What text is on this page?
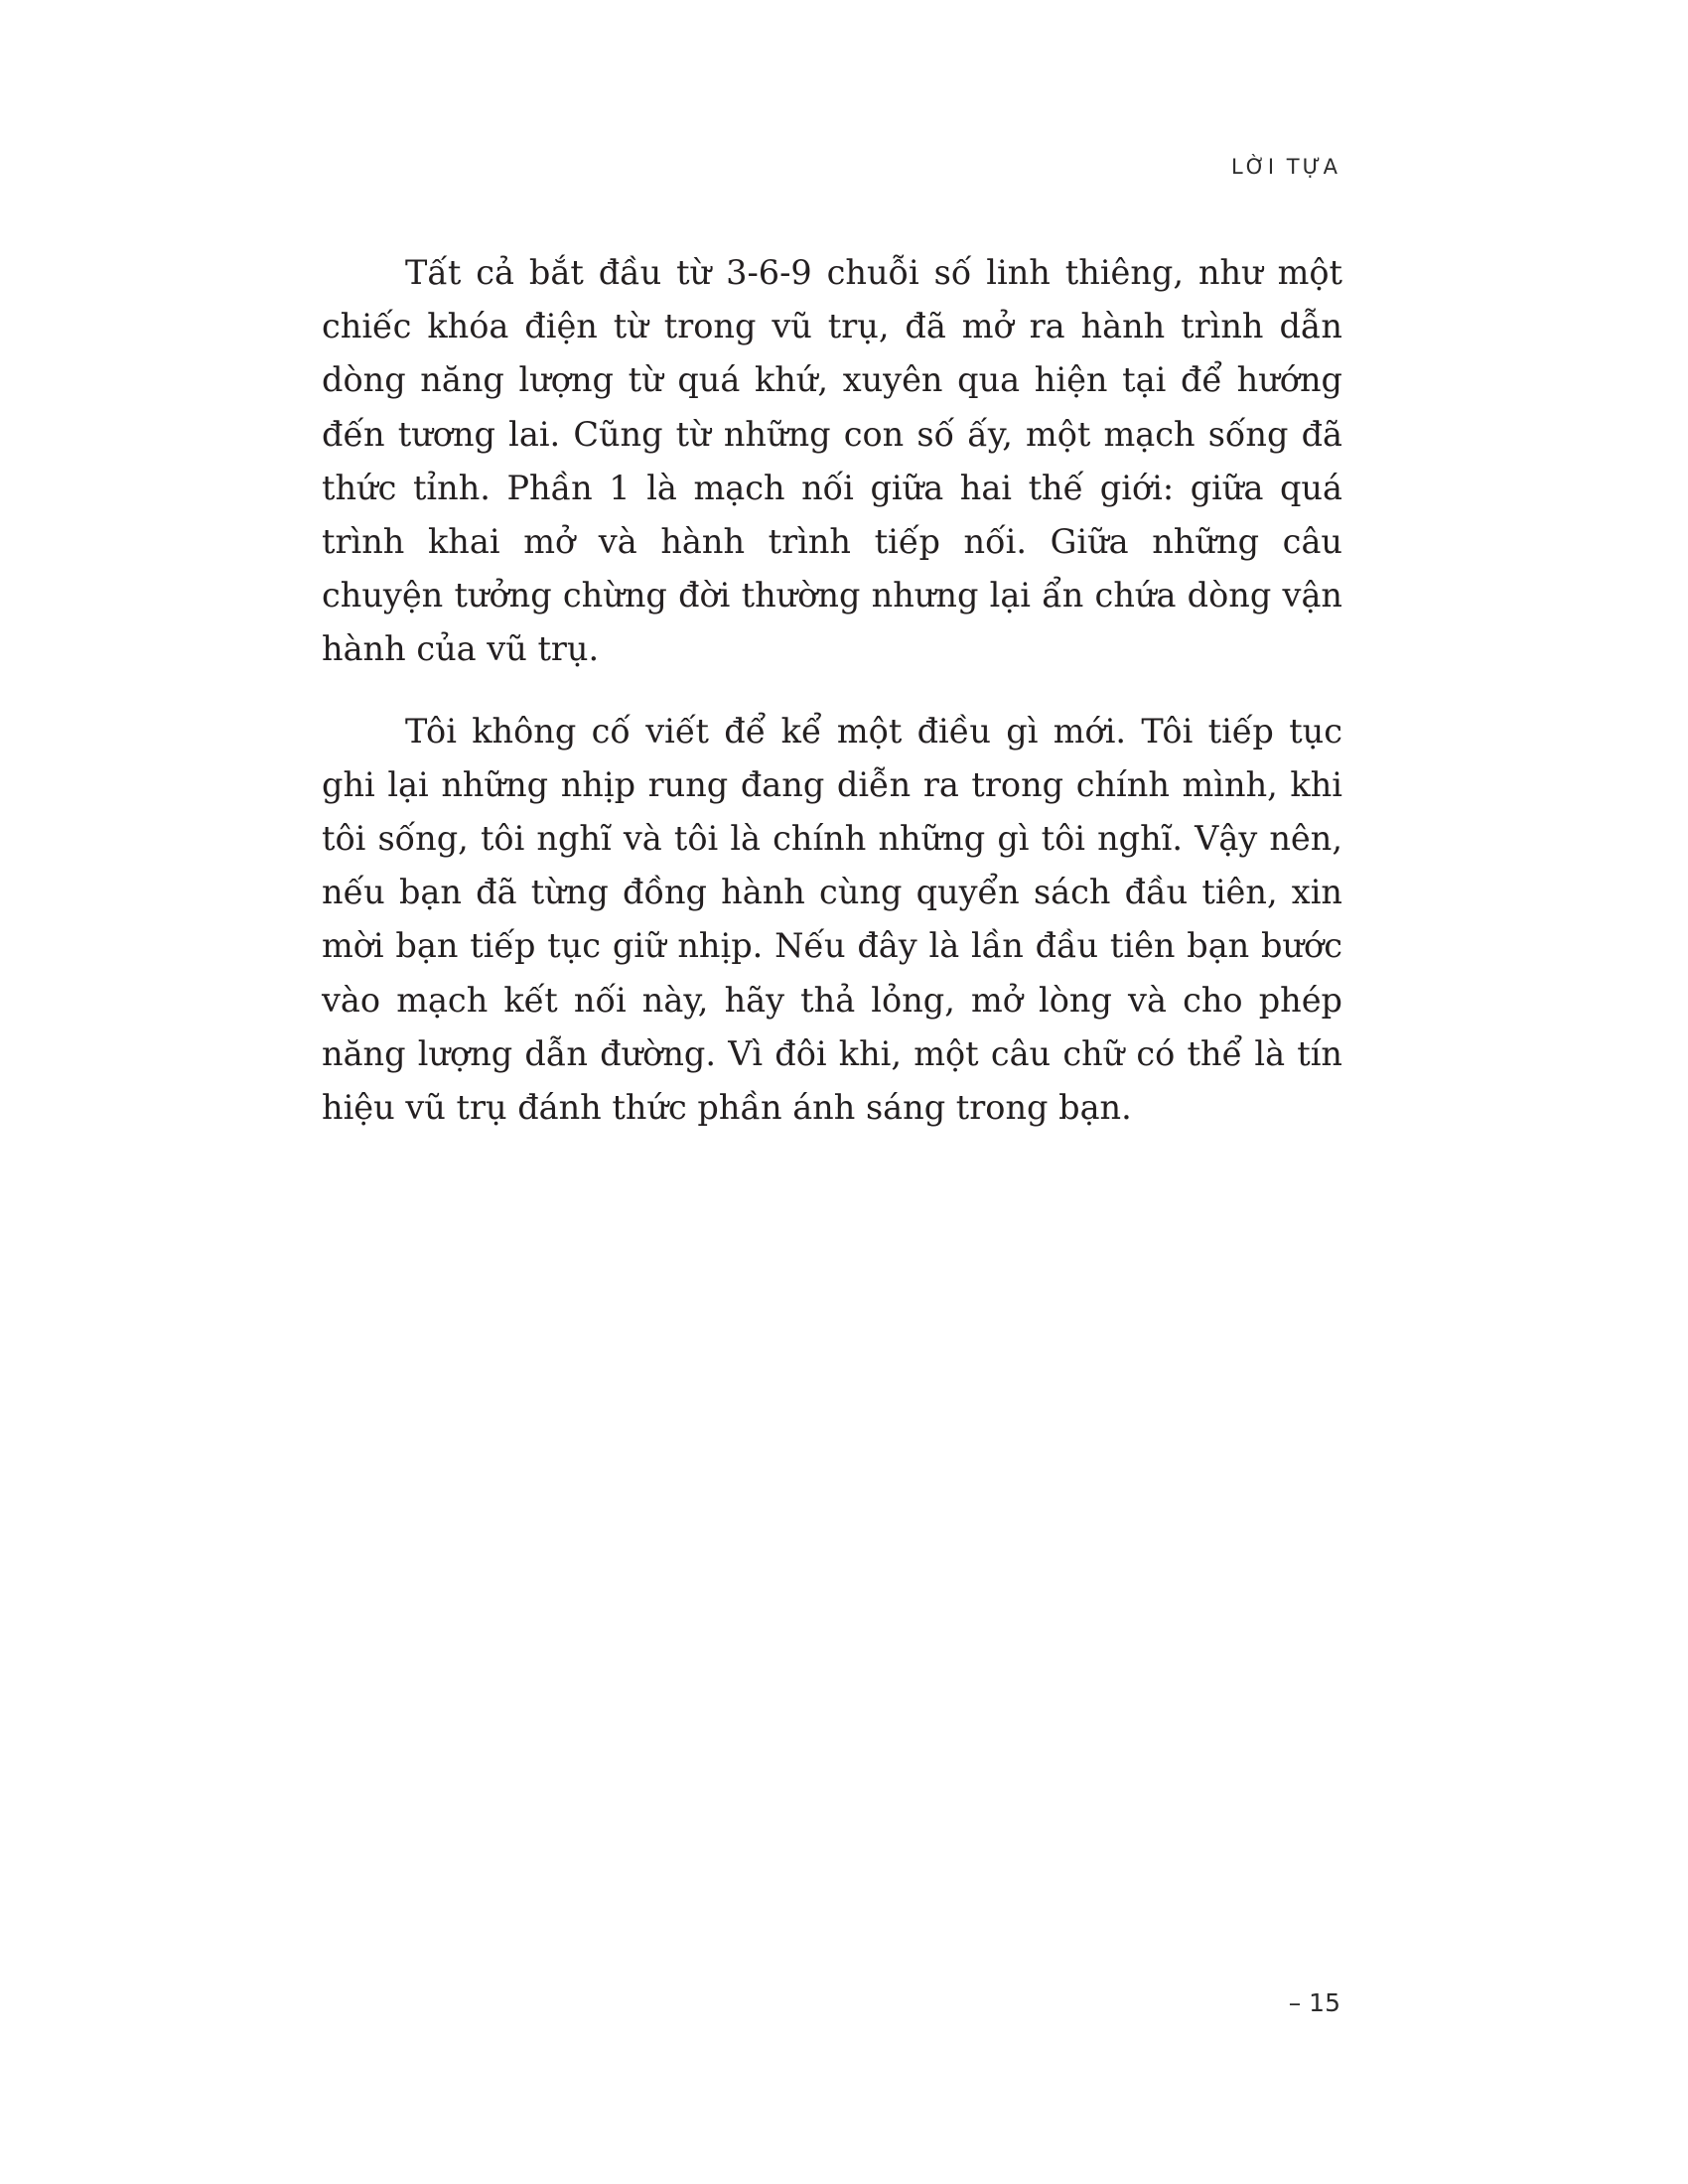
LỜI TỰA

Tất cả bắt đầu từ 3-6-9 chuỗi số linh thiêng, như một chiếc khóa điện từ trong vũ trụ, đã mở ra hành trình dẫn dòng năng lượng từ quá khứ, xuyên qua hiện tại để hướng đến tương lai. Cũng từ những con số ấy, một mạch sống đã thức tỉnh. Phần 1 là mạch nối giữa hai thế giới: giữa quá trình khai mở và hành trình tiếp nối. Giữa những câu chuyện tưởng chừng đời thường nhưng lại ẩn chứa dòng vận hành của vũ trụ.

Tôi không cố viết để kể một điều gì mới. Tôi tiếp tục ghi lại những nhịp rung đang diễn ra trong chính mình, khi tôi sống, tôi nghĩ và tôi là chính những gì tôi nghĩ. Vậy nên, nếu bạn đã từng đồng hành cùng quyển sách đầu tiên, xin mời bạn tiếp tục giữ nhịp. Nếu đây là lần đầu tiên bạn bước vào mạch kết nối này, hãy thả lỏng, mở lòng và cho phép năng lượng dẫn đường. Vì đôi khi, một câu chữ có thể là tín hiệu vũ trụ đánh thức phần ánh sáng trong bạn.

– 15
